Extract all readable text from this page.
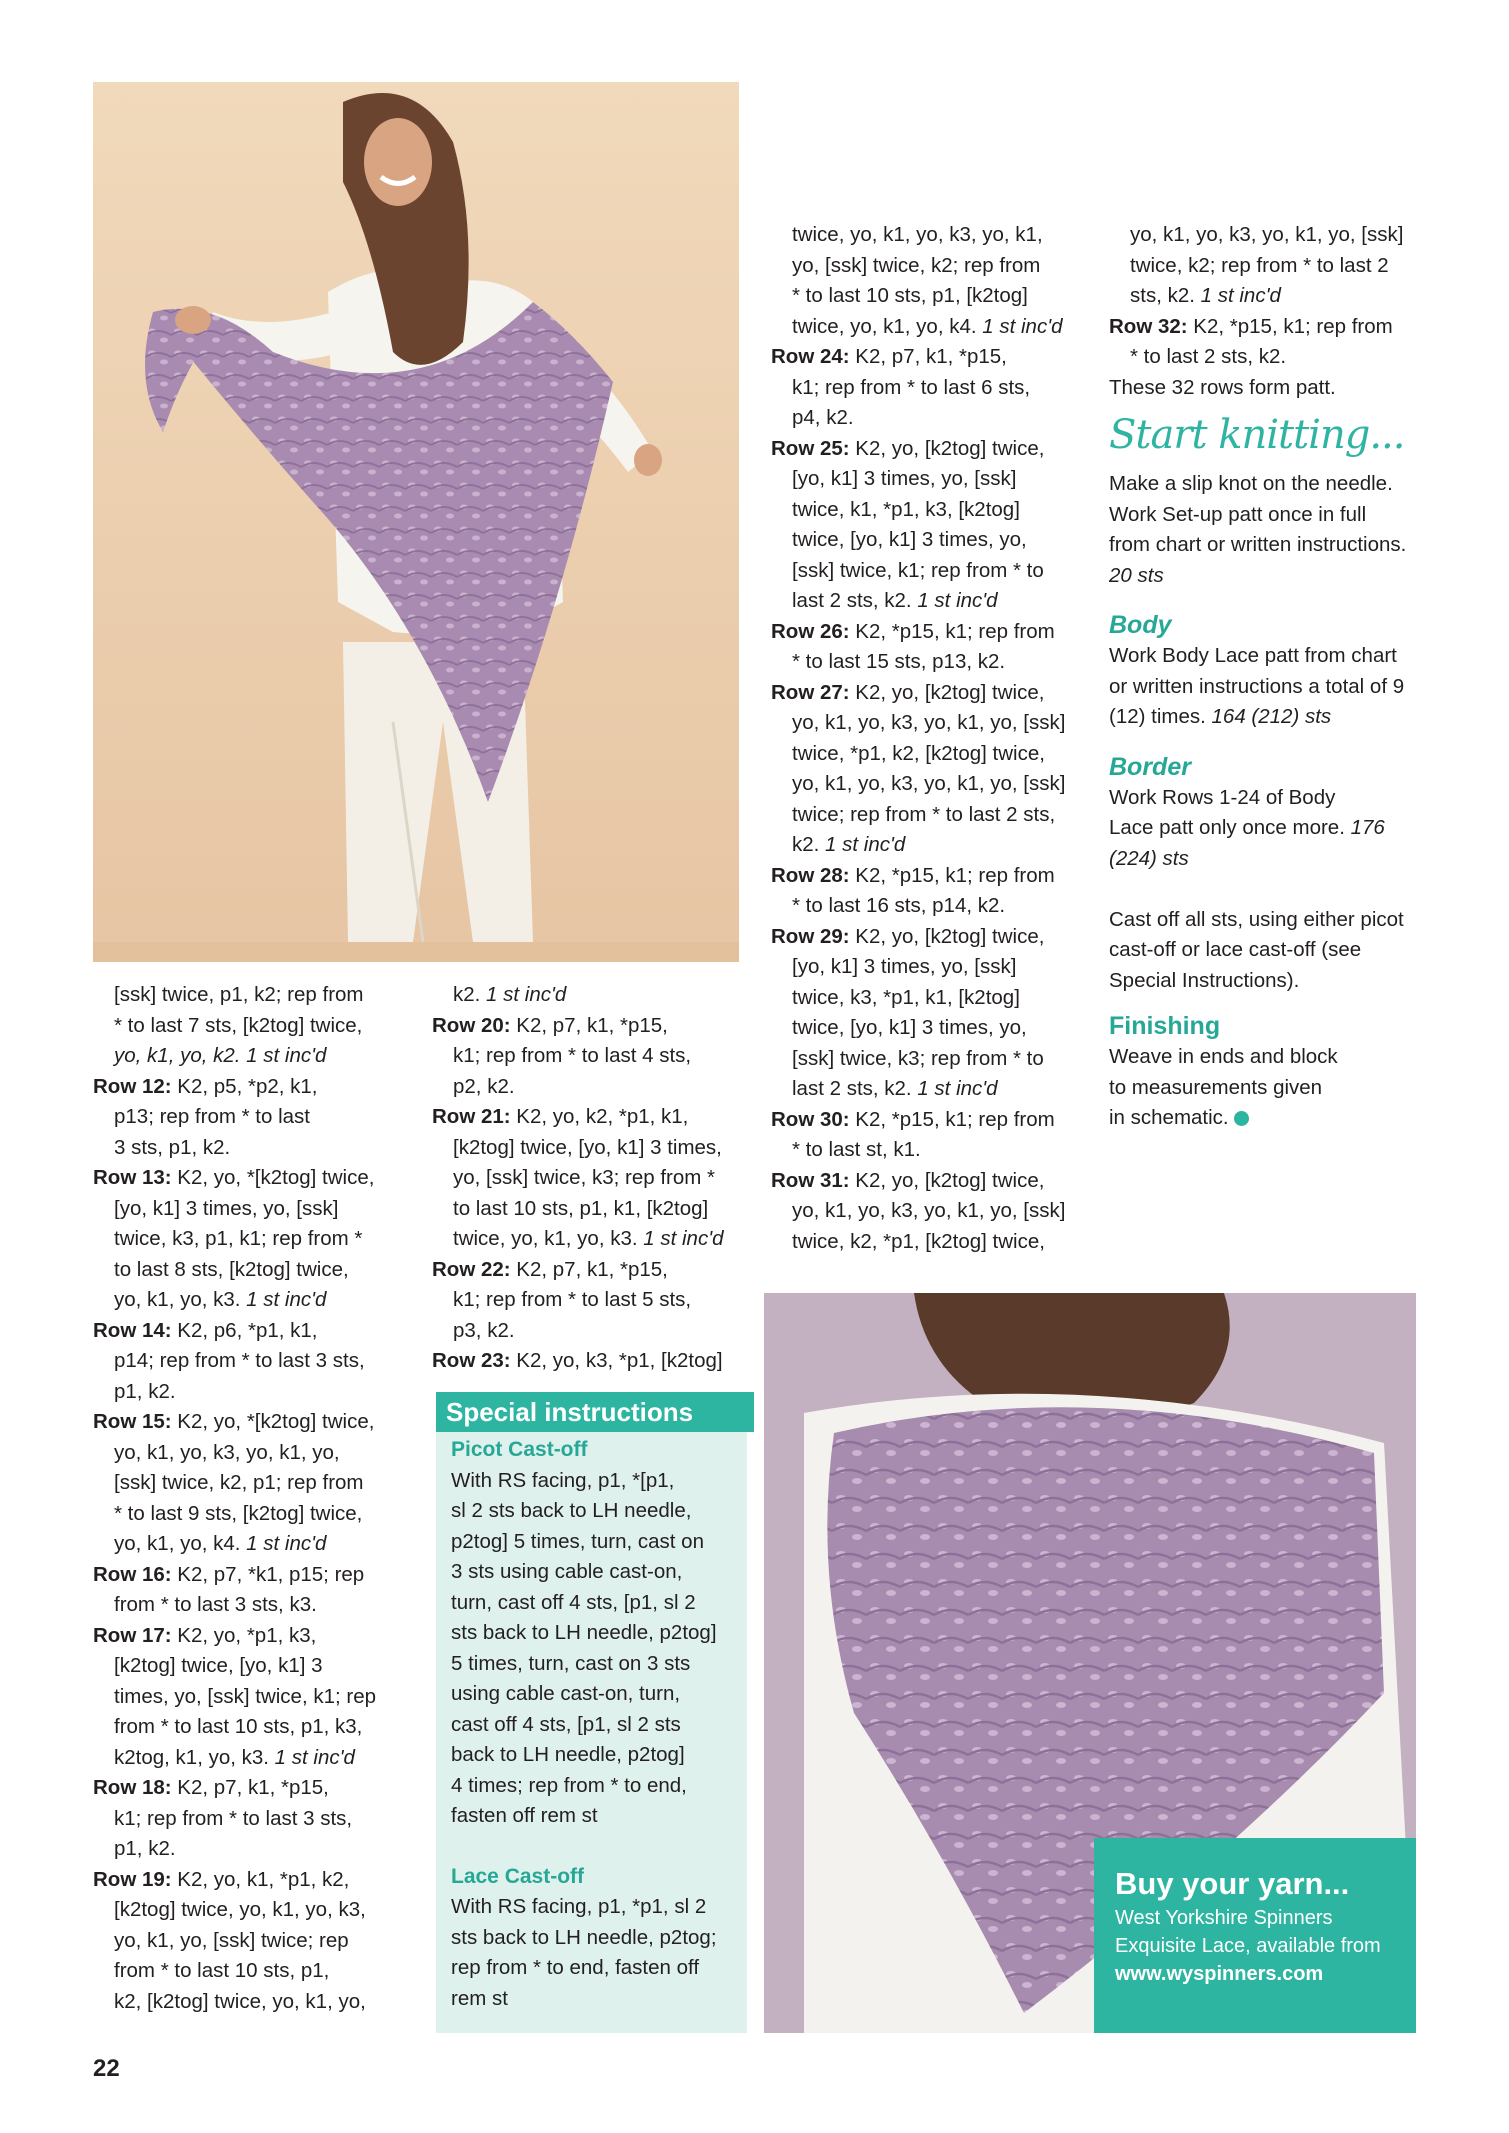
[ssk] twice, p1, k2; rep from

* to last 7 sts, [k2tog] twice,

yo, k1, yo, k2. 1 st inc'd

Row 12: K2, p5, *p2, k1,

p13; rep from * to last

3 sts, p1, k2.

Row 13: K2, yo, *[k2tog] twice,

[yo, k1] 3 times, yo, [ssk]

twice, k3, p1, k1; rep from *

to last 8 sts, [k2tog] twice,

yo, k1, yo, k3. 1 st inc'd

Row 14: K2, p6, *p1, k1,

p14; rep from * to last 3 sts,

p1, k2.

Row 15: K2, yo, *[k2tog] twice,

yo, k1, yo, k3, yo, k1, yo,

[ssk] twice, k2, p1; rep from

* to last 9 sts, [k2tog] twice,

yo, k1, yo, k4. 1 st inc'd

Row 16: K2, p7, *k1, p15; rep

from * to last 3 sts, k3.

Row 17: K2, yo, *p1, k3,

[k2tog] twice, [yo, k1] 3

times, yo, [ssk] twice, k1; rep

from * to last 10 sts, p1, k3,

k2tog, k1, yo, k3. 1 st inc'd

Row 18: K2, p7, k1, *p15,

k1; rep from * to last 3 sts,

p1, k2.

Row 19: K2, yo, k1, *p1, k2,

[k2tog] twice, yo, k1, yo, k3,

yo, k1, yo, [ssk] twice; rep

from * to last 10 sts, p1,

k2, [k2tog] twice, yo, k1, yo,

k2. 1 st inc'd

Row 20: K2, p7, k1, *p15,

k1; rep from * to last 4 sts,

p2, k2.

Row 21: K2, yo, k2, *p1, k1,

[k2tog] twice, [yo, k1] 3 times,

yo, [ssk] twice, k3; rep from *

to last 10 sts, p1, k1, [k2tog]

twice, yo, k1, yo, k3. 1 st inc'd

Row 22: K2, p7, k1, *p15,

k1; rep from * to last 5 sts,

p3, k2.

Row 23: K2, yo, k3, *p1, [k2tog]

twice, yo, k1, yo, k3, yo, k1,

yo, [ssk] twice, k2; rep from

* to last 10 sts, p1, [k2tog]

twice, yo, k1, yo, k4. 1 st inc'd

Row 24: K2, p7, k1, *p15,

k1; rep from * to last 6 sts,

p4, k2.

Row 25: K2, yo, [k2tog] twice,

[yo, k1] 3 times, yo, [ssk]

twice, k1, *p1, k3, [k2tog]

twice, [yo, k1] 3 times, yo,

[ssk] twice, k1; rep from * to

last 2 sts, k2. 1 st inc'd

Row 26: K2, *p15, k1; rep from

* to last 15 sts, p13, k2.

Row 27: K2, yo, [k2tog] twice,

yo, k1, yo, k3, yo, k1, yo, [ssk]

twice, *p1, k2, [k2tog] twice,

yo, k1, yo, k3, yo, k1, yo, [ssk]

twice; rep from * to last 2 sts,

k2. 1 st inc'd

Row 28: K2, *p15, k1; rep from

* to last 16 sts, p14, k2.

Row 29: K2, yo, [k2tog] twice,

[yo, k1] 3 times, yo, [ssk]

twice, k3, *p1, k1, [k2tog]

twice, [yo, k1] 3 times, yo,

[ssk] twice, k3; rep from * to

last 2 sts, k2. 1 st inc'd

Row 30: K2, *p15, k1; rep from

* to last st, k1.

Row 31: K2, yo, [k2tog] twice,

yo, k1, yo, k3, yo, k1, yo, [ssk]

twice, k2, *p1, [k2tog] twice,

yo, k1, yo, k3, yo, k1, yo, [ssk]

twice, k2; rep from * to last 2

sts, k2. 1 st inc'd

Row 32: K2, *p15, k1; rep from

* to last 2 sts, k2.

These 32 rows form patt.

Start knitting...

Make a slip knot on the needle.

Work Set-up patt once in full

from chart or written instructions.

20 sts

Body

Work Body Lace patt from chart

or written instructions a total of 9

(12) times. 164 (212) sts

Border

Work Rows 1-24 of Body

Lace patt only once more. 176

(224) sts

Cast off all sts, using either picot

cast-off or lace cast-off (see

Special Instructions).

Finishing

Weave in ends and block

to measurements given

in schematic.

Special instructions
Picot Cast-off

With RS facing, p1, *[p1,

sl 2 sts back to LH needle,

p2tog] 5 times, turn, cast on

3 sts using cable cast-on,

turn, cast off 4 sts, [p1, sl 2

sts back to LH needle, p2tog]

5 times, turn, cast on 3 sts

using cable cast-on, turn,

cast off 4 sts, [p1, sl 2 sts

back to LH needle, p2tog]

4 times; rep from * to end,

fasten off rem st

Lace Cast-off

With RS facing, p1, *p1, sl 2

sts back to LH needle, p2tog;

rep from * to end, fasten off

rem st

Buy your yarn...
West Yorkshire Spinners
Exquisite Lace, available from
www.wyspinners.com
22
